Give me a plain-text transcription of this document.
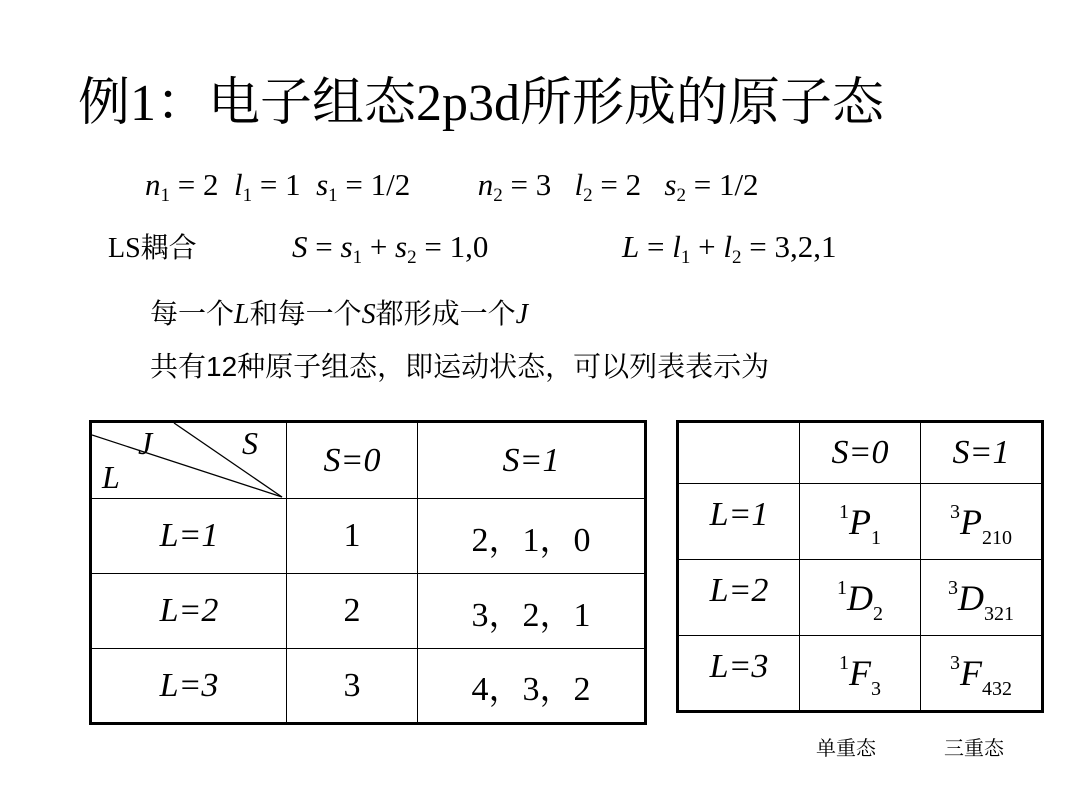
例1：电子组态2p3d所形成的原子态
$n_1 = 2$ $l_1 = 1$ $s_1 = 1/2$ $n_2 = 3$ $l_2 = 2$ $s_2 = 1/2$
LS耦合	$S = s_1 + s_2 = 1,0$	$L = l_1 + l_2 = 3,2,1$
每一个L和每一个S都形成一个J
共有12种原子组态，即运动状态，可以列表表示为
J S
L	S=0	S=1
L=1	1	2，1，0
L=2	2	3，2，1
L=3	3	4，3，2
	S=0	S=1
L=1	$^1P_1$	$^3P_{210}$
L=2	$^1D_2$	$^3D_{321}$
L=3	$^1F_3$	$^3F_{432}$
单重态	三重态
